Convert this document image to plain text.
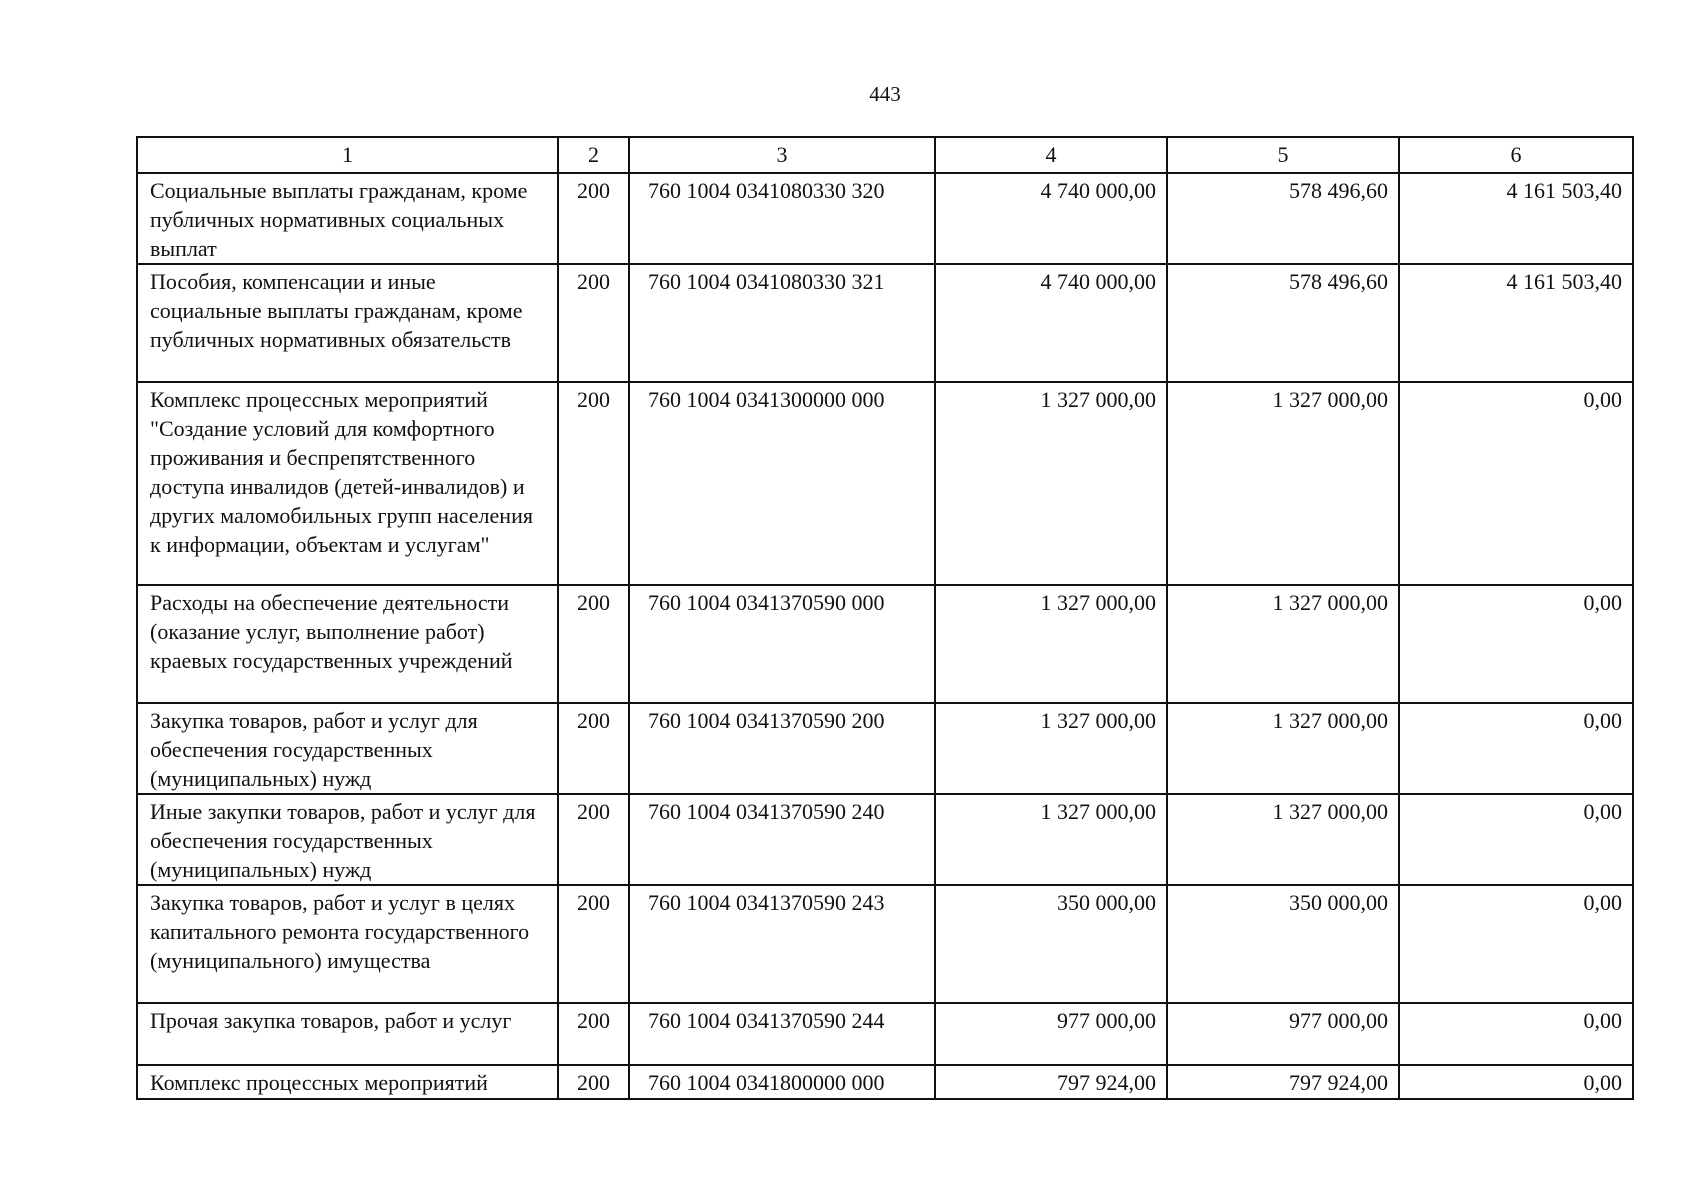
443
1	2	3	4	5	6
Социальные выплаты гражданам, кроме публичных нормативных социальных выплат	200	760 1004 0341080330 320	4 740 000,00	578 496,60	4 161 503,40
Пособия, компенсации и иные социальные выплаты гражданам, кроме публичных нормативных обязательств	200	760 1004 0341080330 321	4 740 000,00	578 496,60	4 161 503,40
Комплекс процессных мероприятий "Создание условий для комфортного проживания и беспрепятственного доступа инвалидов (детей-инвалидов) и других маломобильных групп населения к информации, объектам и услугам"	200	760 1004 0341300000 000	1 327 000,00	1 327 000,00	0,00
Расходы на обеспечение деятельности (оказание услуг, выполнение работ) краевых государственных учреждений	200	760 1004 0341370590 000	1 327 000,00	1 327 000,00	0,00
Закупка товаров, работ и услуг для обеспечения государственных (муниципальных) нужд	200	760 1004 0341370590 200	1 327 000,00	1 327 000,00	0,00
Иные закупки товаров, работ и услуг для обеспечения государственных (муниципальных) нужд	200	760 1004 0341370590 240	1 327 000,00	1 327 000,00	0,00
Закупка товаров, работ и услуг в целях капитального ремонта государственного (муниципального) имущества	200	760 1004 0341370590 243	350 000,00	350 000,00	0,00
Прочая закупка товаров, работ и услуг	200	760 1004 0341370590 244	977 000,00	977 000,00	0,00
Комплекс процессных мероприятий	200	760 1004 0341800000 000	797 924,00	797 924,00	0,00
